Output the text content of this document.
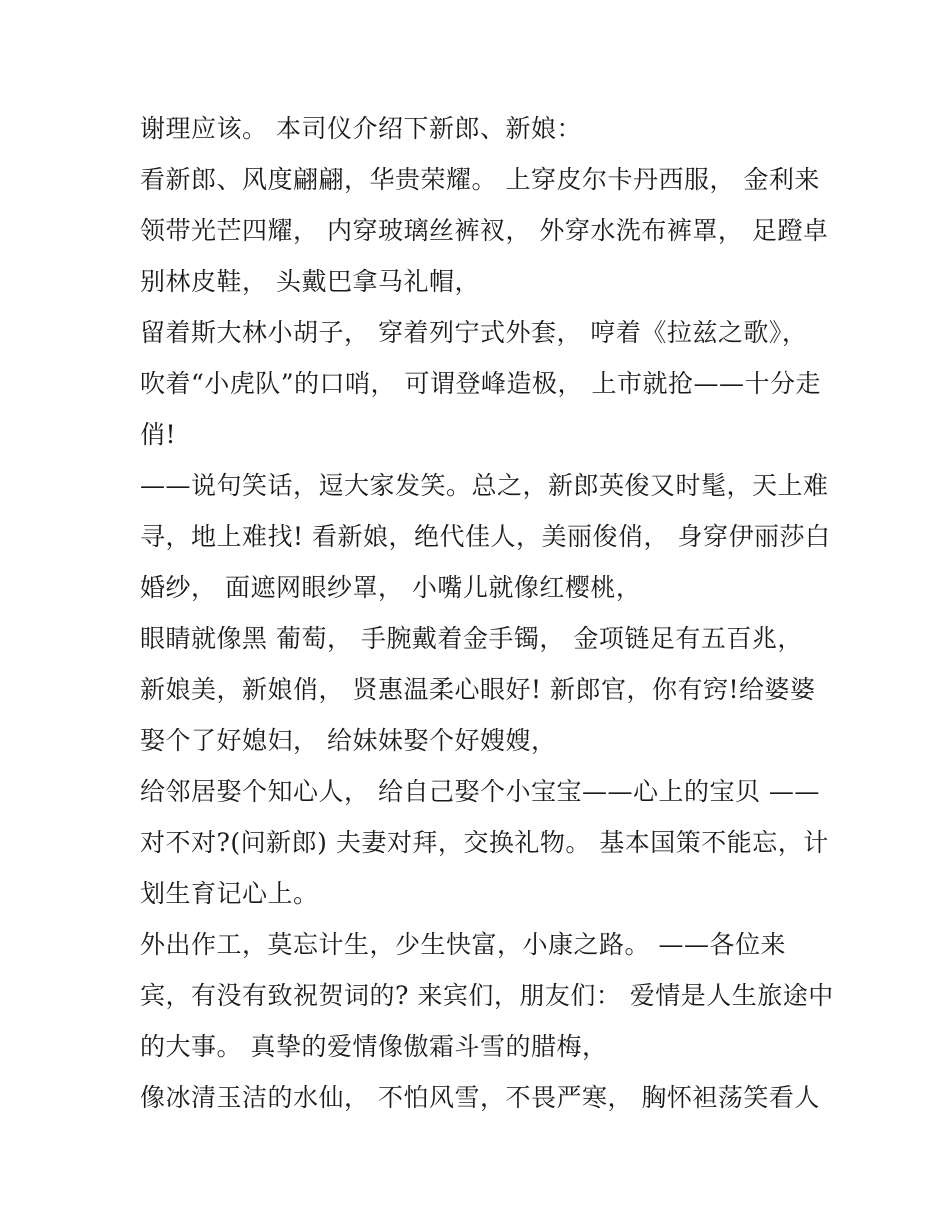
谢理应该。 本司仪介绍下新郎、新娘：
看新郎、风度翩翩，华贵荣耀。 上穿皮尔卡丹西服， 金利来
领带光芒四耀， 内穿玻璃丝裤衩， 外穿水洗布裤罩， 足蹬卓
别林皮鞋， 头戴巴拿马礼帽，
留着斯大林小胡子， 穿着列宁式外套， 哼着《拉兹之歌》，
吹着“小虎队”的口哨， 可谓登峰造极， 上市就抢——十分走
俏!
——说句笑话，逗大家发笑。总之，新郎英俊又时髦，天上难
寻，地上难找! 看新娘，绝代佳人，美丽俊俏， 身穿伊丽莎白
婚纱， 面遮网眼纱罩， 小嘴儿就像红樱桃，
眼睛就像黑 葡萄， 手腕戴着金手镯， 金项链足有五百兆，
新娘美，新娘俏， 贤惠温柔心眼好! 新郎官，你有窍!给婆婆
娶个了好媳妇， 给妹妹娶个好嫂嫂，
给邻居娶个知心人， 给自己娶个小宝宝——心上的宝贝 ——
对不对?(问新郎) 夫妻对拜，交换礼物。 基本国策不能忘，计
划生育记心上。
外出作工，莫忘计生，少生快富，小康之路。 ——各位来
宾，有没有致祝贺词的? 来宾们，朋友们： 爱情是人生旅途中
的大事。 真挚的爱情像傲霜斗雪的腊梅，
像冰清玉洁的水仙， 不怕风雪，不畏严寒， 胸怀袒荡笑看人
